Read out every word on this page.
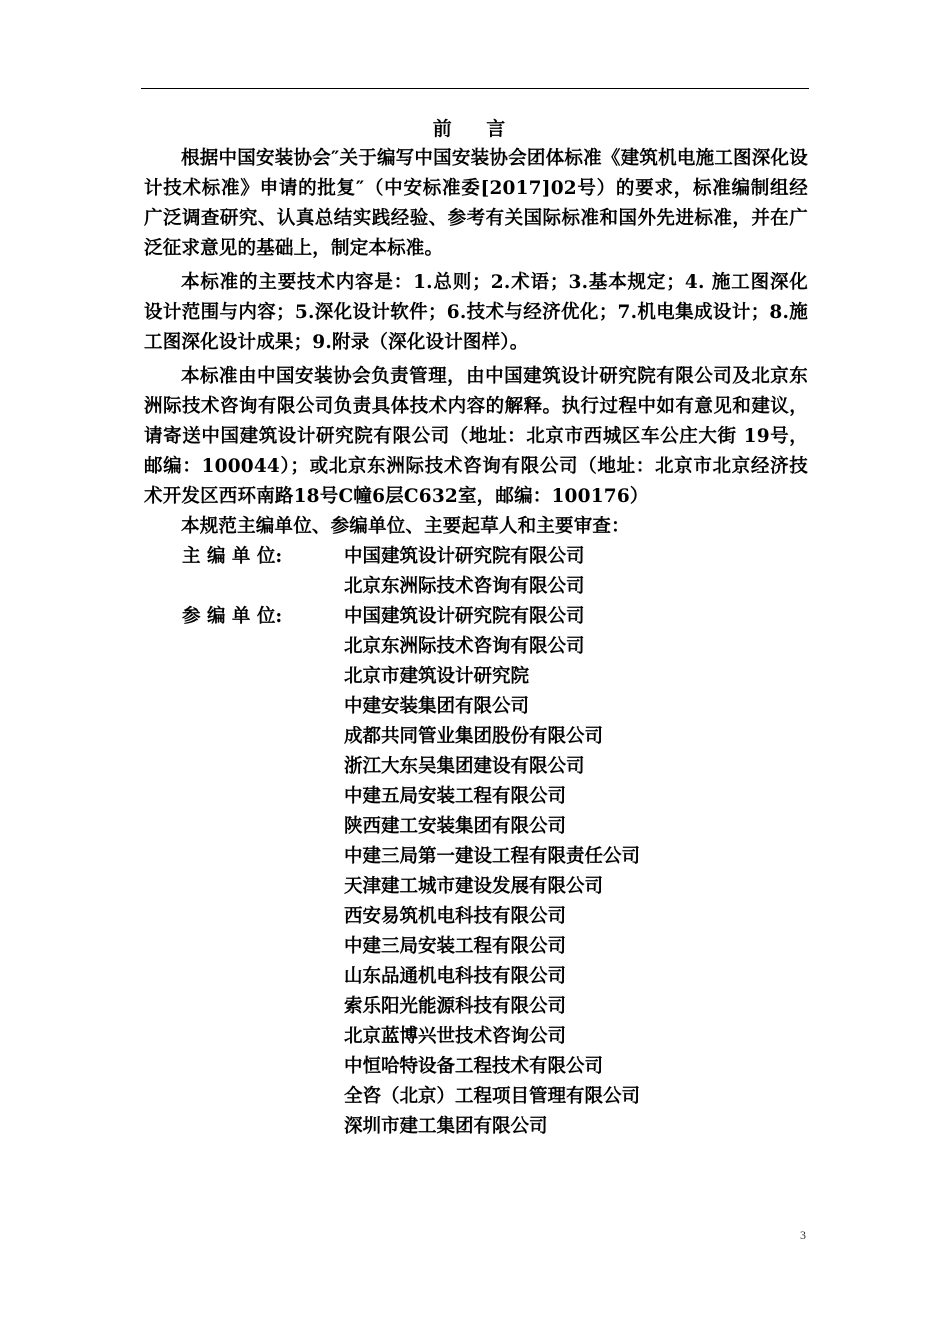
前 言

根据中国安装协会″关于编写中国安装协会团体标准《建筑机电施工图深化设计技术标准》申请的批复″（中安标准委[2017]02号）的要求，标准编制组经广泛调查研究、认真总结实践经验、参考有关国际标准和国外先进标准，并在广泛征求意见的基础上，制定本标准。

本标准的主要技术内容是：1.总则；2.术语；3.基本规定；4. 施工图深化设计范围与内容；5.深化设计软件；6.技术与经济优化；7.机电集成设计；8.施工图深化设计成果；9.附录（深化设计图样）。

本标准由中国安装协会负责管理，由中国建筑设计研究院有限公司及北京东洲际技术咨询有限公司负责具体技术内容的解释。执行过程中如有意见和建议，请寄送中国建筑设计研究院有限公司（地址：北京市西城区车公庄大街 19号，邮编：100044）；或北京东洲际技术咨询有限公司（地址：北京市北京经济技术开发区西环南路18号C幢6层C632室，邮编：100176）

本规范主编单位、参编单位、主要起草人和主要审查：

主 编 单 位:	中国建筑设计研究院有限公司
北京东洲际技术咨询有限公司
参 编 单 位:	中国建筑设计研究院有限公司
北京东洲际技术咨询有限公司
北京市建筑设计研究院
中建安装集团有限公司
成都共同管业集团股份有限公司
浙江大东吴集团建设有限公司
中建五局安装工程有限公司
陕西建工安装集团有限公司
中建三局第一建设工程有限责任公司
天津建工城市建设发展有限公司
西安易筑机电科技有限公司
中建三局安装工程有限公司
山东品通机电科技有限公司
索乐阳光能源科技有限公司
北京蓝博兴世技术咨询公司
中恒哈特设备工程技术有限公司
全咨（北京）工程项目管理有限公司
深圳市建工集团有限公司
3
